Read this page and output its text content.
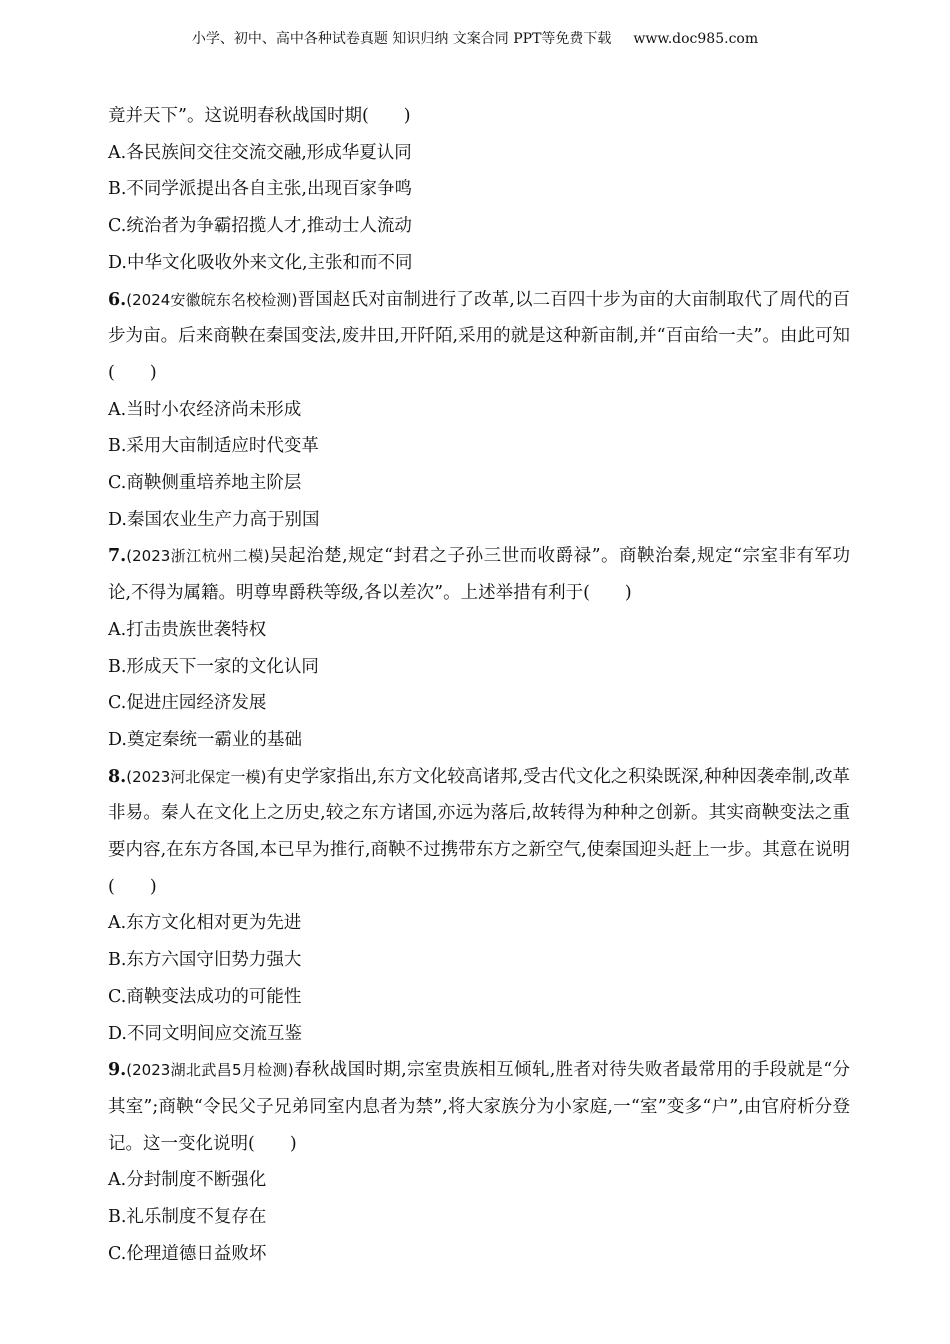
小学、初中、高中各种试卷真题 知识归纳 文案合同 PPT等免费下载 www.doc985.com
竟并天下”。这说明春秋战国时期(　　)
A.各民族间交往交流交融,形成华夏认同
B.不同学派提出各自主张,出现百家争鸣
C.统治者为争霸招揽人才,推动士人流动
D.中华文化吸收外来文化,主张和而不同
6.(2024安徽皖东名校检测)晋国赵氏对亩制进行了改革,以二百四十步为亩的大亩制取代了周代的百步为亩。后来商鞅在秦国变法,废井田,开阡陌,采用的就是这种新亩制,并“百亩给一夫”。由此可知(　　)
A.当时小农经济尚未形成
B.采用大亩制适应时代变革
C.商鞅侧重培养地主阶层
D.秦国农业生产力高于别国
7.(2023浙江杭州二模)吴起治楚,规定“封君之子孙三世而收爵禄”。商鞅治秦,规定“宗室非有军功论,不得为属籍。明尊卑爵秩等级,各以差次”。上述举措有利于(　　)
A.打击贵族世袭特权
B.形成天下一家的文化认同
C.促进庄园经济发展
D.奠定秦统一霸业的基础
8.(2023河北保定一模)有史学家指出,东方文化较高诸邦,受古代文化之积染既深,种种因袭牵制,改革非易。秦人在文化上之历史,较之东方诸国,亦远为落后,故转得为种种之创新。其实商鞅变法之重要内容,在东方各国,本已早为推行,商鞅不过携带东方之新空气,使秦国迎头赶上一步。其意在说明(　　)
A.东方文化相对更为先进
B.东方六国守旧势力强大
C.商鞅变法成功的可能性
D.不同文明间应交流互鉴
9.(2023湖北武昌5月检测)春秋战国时期,宗室贵族相互倾轧,胜者对待失败者最常用的手段就是“分其室”;商鞅“令民父子兄弟同室内息者为禁”,将大家族分为小家庭,一“室”变多“户”,由官府析分登记。这一变化说明(　　)
A.分封制度不断强化
B.礼乐制度不复存在
C.伦理道德日益败坏
